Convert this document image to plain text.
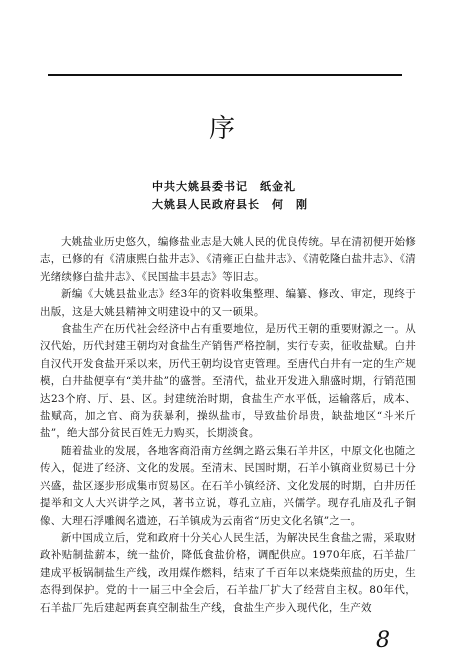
序
中共大姚县委书记　纸金礼
大姚县人民政府县长　何　刚

大姚盐业历史悠久，编修盐业志是大姚人民的优良传统。早在清初便开始修志，已修的有《清康熙白盐井志》、《清雍正白盐井志》、《清乾隆白盐井志》、《清光绪续修白盐井志》、《民国盐丰县志》等旧志。

新编《大姚县盐业志》经3年的资料收集整理、编纂、修改、审定，现终于出版，这是大姚县精神文明建设中的又一硕果。

食盐生产在历代社会经济中占有重要地位，是历代王朝的重要财源之一。从汉代始，历代封建王朝均对食盐生产销售严格控制，实行专卖，征收盐赋。白井自汉代开发食盐开采以来，历代王朝均设官吏管理。至唐代白井有一定的生产规模，白井盐便享有“美井盐”的盛誉。至清代，盐业开发进入鼎盛时期，行销范围达23个府、厅、县、区。封建统治时期，食盐生产水平低，运输落后，成本、盐赋高，加之官、商为获暴利，操纵盐市，导致盐价昂贵，缺盐地区“斗米斤盐”，绝大部分贫民百姓无力购买，长期淡食。

随着盐业的发展，各地客商沿南方丝绸之路云集石羊井区，中原文化也随之传入，促进了经济、文化的发展。至清末、民国时期，石羊小镇商业贸易已十分兴盛，盐区逐步形成集市贸易区。在石羊小镇经济、文化发展的时期，白井历任提举和文人大兴讲学之风，著书立说，尊孔立庙，兴儒学。现存孔庙及孔子铜像、大理石浮雕阀名遗迹，石羊镇成为云南省“历史文化名镇”之一。

新中国成立后，党和政府十分关心人民生活，为解决民生食盐之需，采取财政补贴制盐薪本，统一盐价，降低食盐价格，调配供应。1970年底，石羊盐厂建成平板锅制盐生产线，改用煤作燃料，结束了千百年以来烧柴煎盐的历史，生态得到保护。党的十一届三中全会后，石羊盐厂扩大了经营自主权。80年代，石羊盐厂先后建起两套真空制盐生产线，食盐生产步入现代化，生产效

8
